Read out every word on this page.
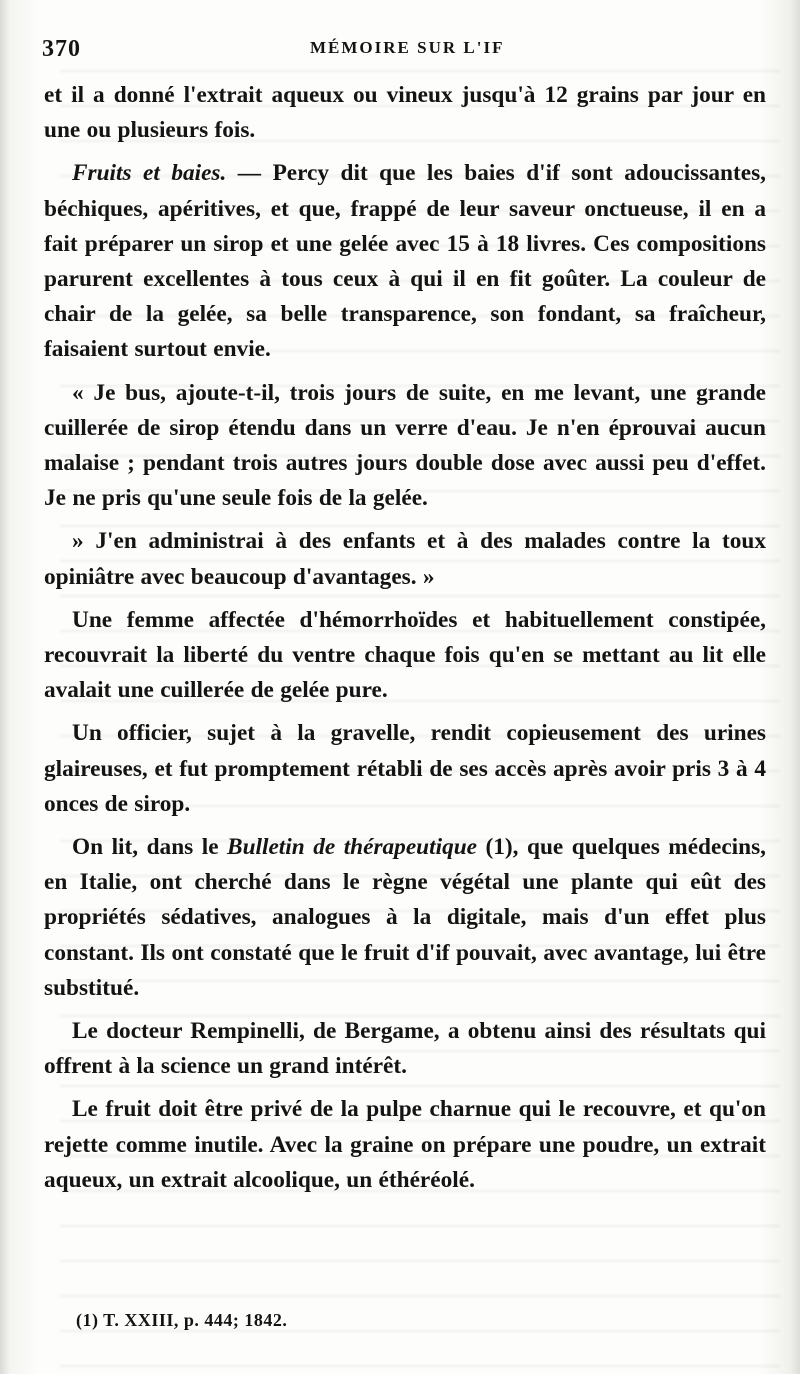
370	MÉMOIRE SUR L'IF

et il a donné l'extrait aqueux ou vineux jusqu'à 12 grains par jour en une ou plusieurs fois.

Fruits et baies. — Percy dit que les baies d'if sont adoucissantes, béchiques, apéritives, et que, frappé de leur saveur onctueuse, il en a fait préparer un sirop et une gelée avec 15 à 18 livres. Ces compositions parurent excellentes à tous ceux à qui il en fit goûter. La couleur de chair de la gelée, sa belle transparence, son fondant, sa fraîcheur, faisaient surtout envie.

« Je bus, ajoute-t-il, trois jours de suite, en me levant, une grande cuillerée de sirop étendu dans un verre d'eau. Je n'en éprouvai aucun malaise ; pendant trois autres jours double dose avec aussi peu d'effet. Je ne pris qu'une seule fois de la gelée.

» J'en administrai à des enfants et à des malades contre la toux opiniâtre avec beaucoup d'avantages. »

Une femme affectée d'hémorrhoïdes et habituellement constipée, recouvrait la liberté du ventre chaque fois qu'en se mettant au lit elle avalait une cuillerée de gelée pure.

Un officier, sujet à la gravelle, rendit copieusement des urines glaireuses, et fut promptement rétabli de ses accès après avoir pris 3 à 4 onces de sirop.

On lit, dans le Bulletin de thérapeutique (1), que quelques médecins, en Italie, ont cherché dans le règne végétal une plante qui eût des propriétés sédatives, analogues à la digitale, mais d'un effet plus constant. Ils ont constaté que le fruit d'if pouvait, avec avantage, lui être substitué.

Le docteur Rempinelli, de Bergame, a obtenu ainsi des résultats qui offrent à la science un grand intérêt.

Le fruit doit être privé de la pulpe charnue qui le recouvre, et qu'on rejette comme inutile. Avec la graine on prépare une poudre, un extrait aqueux, un extrait alcoolique, un éthéréolé.

(1) T. XXIII, p. 444; 1842.
